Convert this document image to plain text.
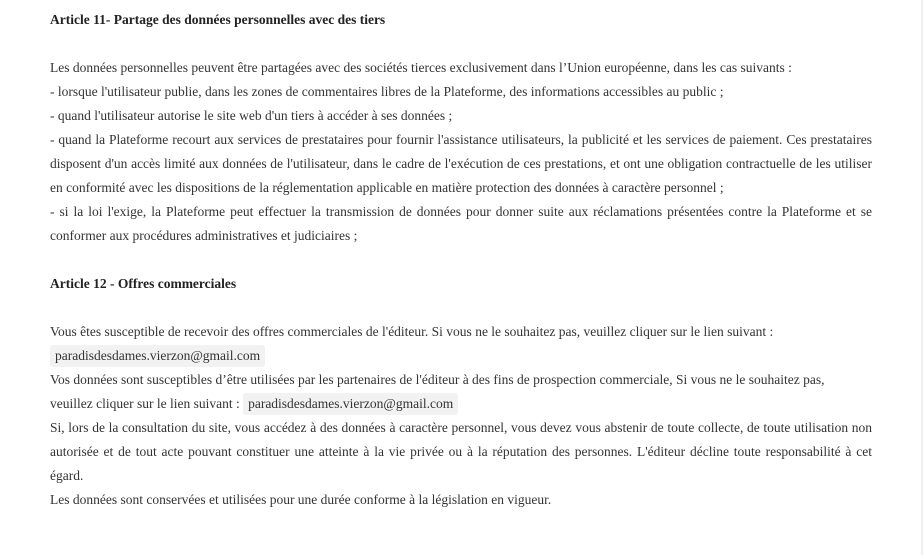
Article 11- Partage des données personnelles avec des tiers

Les données personnelles peuvent être partagées avec des sociétés tierces exclusivement dans l’Union européenne, dans les cas suivants :

- lorsque l'utilisateur publie, dans les zones de commentaires libres de la Plateforme, des informations accessibles au public ;

- quand l'utilisateur autorise le site web d'un tiers à accéder à ses données ;

- quand la Plateforme recourt aux services de prestataires pour fournir l'assistance utilisateurs, la publicité et les services de paiement. Ces prestataires disposent d'un accès limité aux données de l'utilisateur, dans le cadre de l'exécution de ces prestations, et ont une obligation contractuelle de les utiliser en conformité avec les dispositions de la réglementation applicable en matière protection des données à caractère personnel ;

- si la loi l'exige, la Plateforme peut effectuer la transmission de données pour donner suite aux réclamations présentées contre la Plateforme et se conformer aux procédures administratives et judiciaires ;

Article 12 - Offres commerciales

Vous êtes susceptible de recevoir des offres commerciales de l'éditeur. Si vous ne le souhaitez pas, veuillez cliquer sur le lien suivant :

paradisdesdames.vierzon@gmail.com

Vos données sont susceptibles d’être utilisées par les partenaires de l'éditeur à des fins de prospection commerciale, Si vous ne le souhaitez pas,
veuillez cliquer sur le lien suivant : paradisdesdames.vierzon@gmail.com

Si, lors de la consultation du site, vous accédez à des données à caractère personnel, vous devez vous abstenir de toute collecte, de toute utilisation non autorisée et de tout acte pouvant constituer une atteinte à la vie privée ou à la réputation des personnes. L'éditeur décline toute responsabilité à cet égard.

Les données sont conservées et utilisées pour une durée conforme à la législation en vigueur.
